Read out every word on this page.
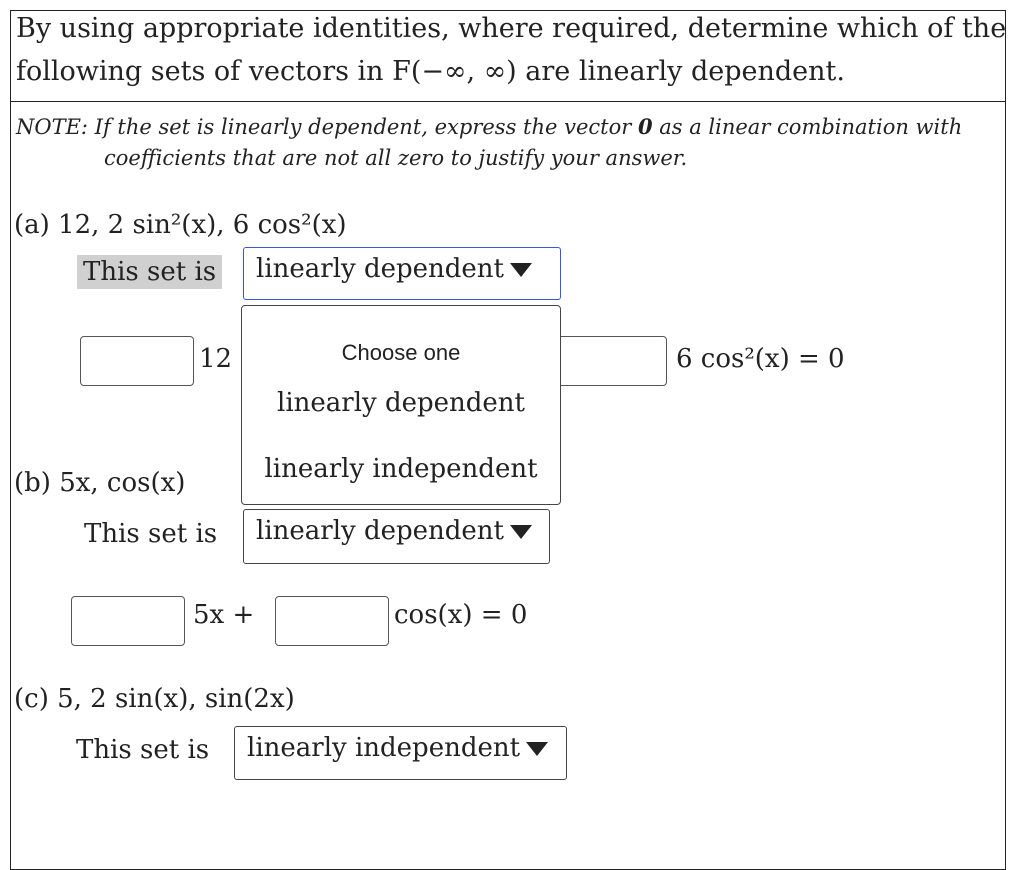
By using appropriate identities, where required, determine which of the
following sets of vectors in F(−∞, ∞) are linearly dependent.
NOTE: If the set is linearly dependent, express the vector 0 as a linear combination with
coefficients that are not all zero to justify your answer.
(a) 12, 2 sin²(x), 6 cos²(x)
This set is	linearly dependent
12	6 cos²(x) = 0
(b) 5x, cos(x)
This set is	linearly dependent
5x +	cos(x) = 0
(c) 5, 2 sin(x), sin(2x)
This set is	linearly independent
Choose one
linearly dependent
linearly independent
